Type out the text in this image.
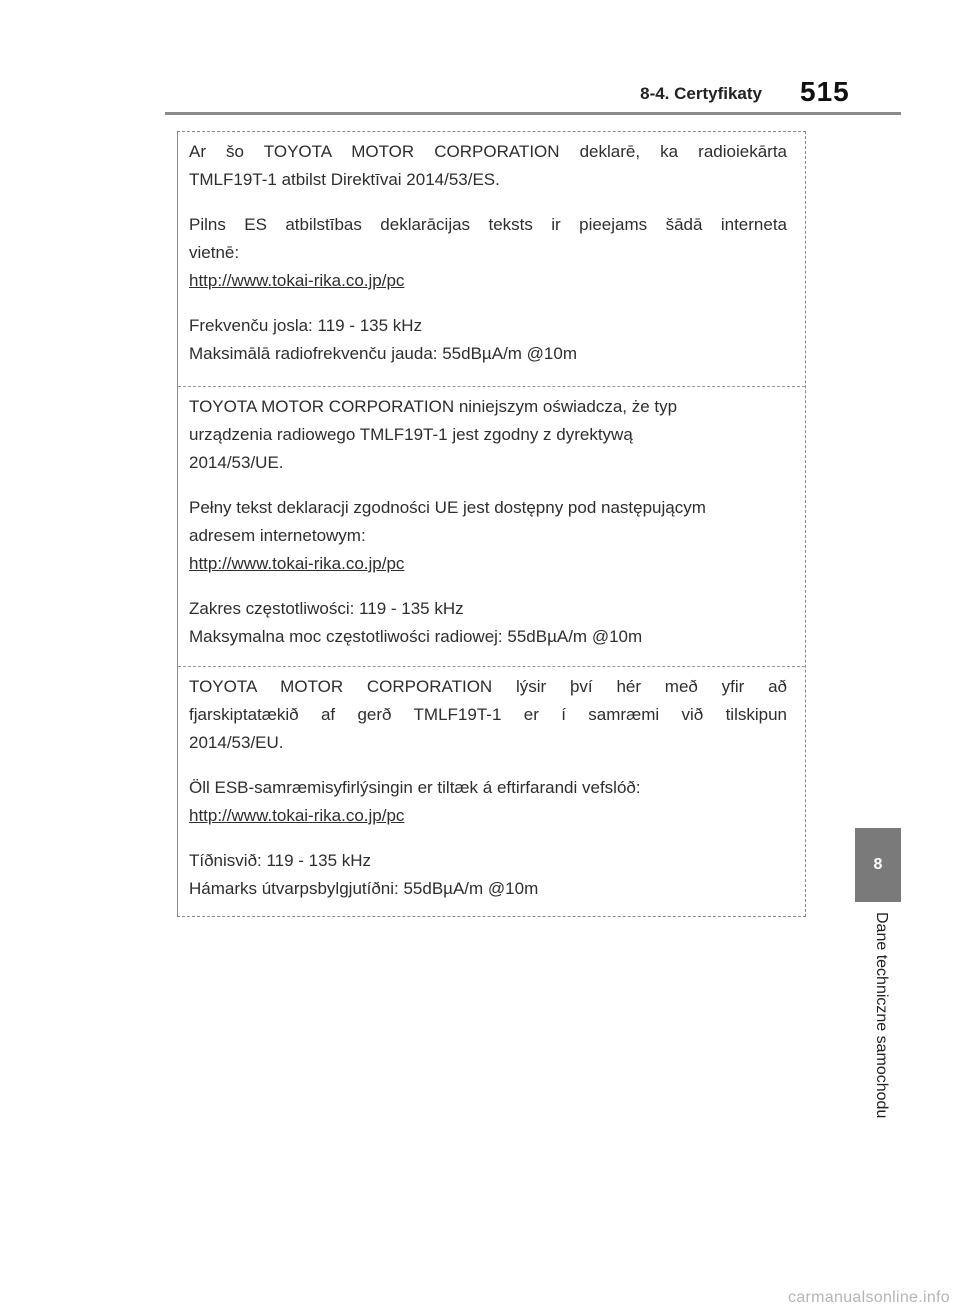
8-4. Certyfikaty 515
8
Dane techniczne samochodu
Ar šo TOYOTA MOTOR CORPORATION deklarē, ka radioiekārta
TMLF19T-1 atbilst Direktīvai 2014/53/ES.
Pilns ES atbilstības deklarācijas teksts ir pieejams šādā interneta
vietnē:
http://www.tokai-rika.co.jp/pc
Frekvenču josla: 119 - 135 kHz
Maksimālā radiofrekvenču jauda: 55dBµA/m @10m
TOYOTA MOTOR CORPORATION niniejszym oświadcza, że typ
urządzenia radiowego TMLF19T-1 jest zgodny z dyrektywą
2014/53/UE.
Pełny tekst deklaracji zgodności UE jest dostępny pod następującym
adresem internetowym:
http://www.tokai-rika.co.jp/pc
Zakres częstotliwości: 119 - 135 kHz
Maksymalna moc częstotliwości radiowej: 55dBµA/m @10m
TOYOTA MOTOR CORPORATION lýsir því hér með yfir að
fjarskiptatækið af gerð TMLF19T-1 er í samræmi við tilskipun
2014/53/EU.
Öll ESB-samræmisyfirlýsingin er tiltæk á eftirfarandi vefslóð:
http://www.tokai-rika.co.jp/pc
Tíðnisvið: 119 - 135 kHz
Hámarks útvarpsbylgjutíðni: 55dBµA/m @10m
carmanualsonline.info
